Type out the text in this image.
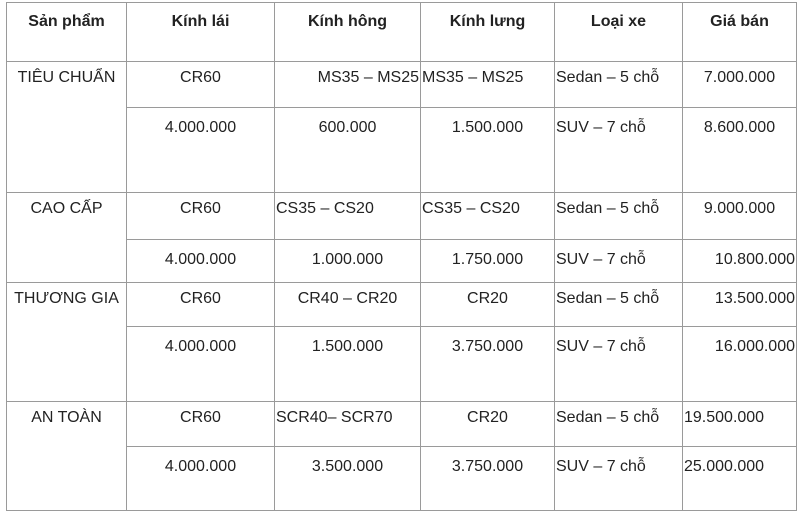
Sản phẩm	Kính lái	Kính hông	Kính lưng	Loại xe	Giá bán
TIÊU CHUẨN	CR60	MS35 – MS25	MS35 – MS25	Sedan – 5 chỗ	7.000.000
	4.000.000	600.000	1.500.000	SUV – 7 chỗ	8.600.000
CAO CẤP	CR60	CS35 – CS20	CS35 – CS20	Sedan – 5 chỗ	9.000.000
	4.000.000	1.000.000	1.750.000	SUV – 7 chỗ	10.800.000
THƯƠNG GIA	CR60	CR40 – CR20	CR20	Sedan – 5 chỗ	13.500.000
	4.000.000	1.500.000	3.750.000	SUV – 7 chỗ	16.000.000
AN TOÀN	CR60	SCR40– SCR70	CR20	Sedan – 5 chỗ	19.500.000
	4.000.000	3.500.000	3.750.000	SUV – 7 chỗ	25.000.000
